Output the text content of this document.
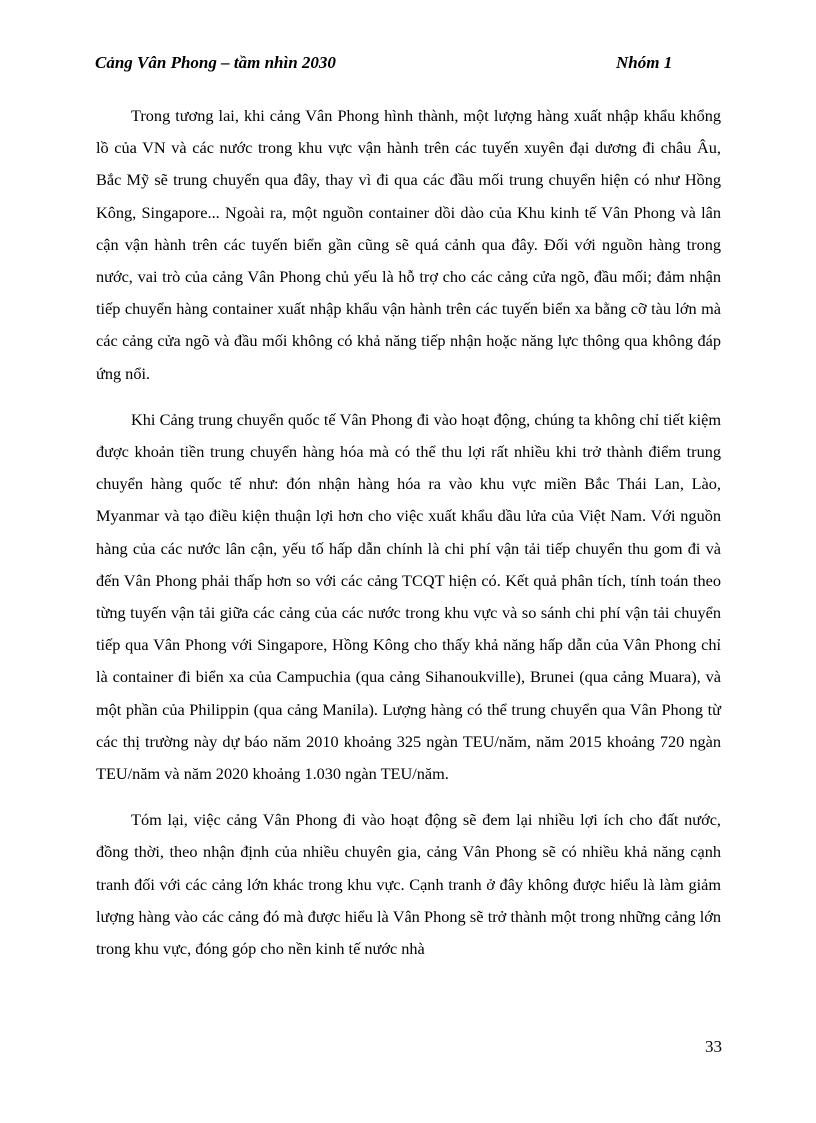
Cảng Vân Phong – tầm nhìn 2030	Nhóm 1

Trong tương lai, khi cảng Vân Phong hình thành, một lượng hàng xuất nhập khẩu khổng lồ của VN và các nước trong khu vực vận hành trên các tuyến xuyên đại dương đi châu Âu, Bắc Mỹ sẽ trung chuyển qua đây, thay vì đi qua các đầu mối trung chuyển hiện có như Hồng Kông, Singapore... Ngoài ra, một nguồn container dồi dào của Khu kinh tế Vân Phong và lân cận vận hành trên các tuyến biển gần cũng sẽ quá cảnh qua đây. Đối với nguồn hàng trong nước, vai trò của cảng Vân Phong chủ yếu là hỗ trợ cho các cảng cửa ngõ, đầu mối; đảm nhận tiếp chuyển hàng container xuất nhập khẩu vận hành trên các tuyến biển xa bằng cỡ tàu lớn mà các cảng cửa ngõ và đầu mối không có khả năng tiếp nhận hoặc năng lực thông qua không đáp ứng nổi.

Khi Cảng trung chuyển quốc tế Vân Phong đi vào hoạt động, chúng ta không chỉ tiết kiệm được khoản tiền trung chuyển hàng hóa mà có thể thu lợi rất nhiều khi trở thành điểm trung chuyển hàng quốc tế như: đón nhận hàng hóa ra vào khu vực miền Bắc Thái Lan, Lào, Myanmar và tạo điều kiện thuận lợi hơn cho việc xuất khẩu dầu lửa của Việt Nam. Với nguồn hàng của các nước lân cận, yếu tố hấp dẫn chính là chi phí vận tải tiếp chuyển thu gom đi và đến Vân Phong phải thấp hơn so với các cảng TCQT hiện có. Kết quả phân tích, tính toán theo từng tuyến vận tải giữa các cảng của các nước trong khu vực và so sánh chi phí vận tải chuyển tiếp qua Vân Phong với Singapore, Hồng Kông cho thấy khả năng hấp dẫn của Vân Phong chỉ là container đi biển xa của Campuchia (qua cảng Sihanoukville), Brunei (qua cảng Muara), và một phần của Philippin (qua cảng Manila). Lượng hàng có thể trung chuyển qua Vân Phong từ các thị trường này dự báo năm 2010 khoảng 325 ngàn TEU/năm, năm 2015 khoảng 720 ngàn TEU/năm và năm 2020 khoảng 1.030 ngàn TEU/năm.

Tóm lại, việc cảng Vân Phong đi vào hoạt động sẽ đem lại nhiều lợi ích cho đất nước, đồng thời, theo nhận định của nhiều chuyên gia, cảng Vân Phong sẽ có nhiều khả năng cạnh tranh đối với các cảng lớn khác trong khu vực. Cạnh tranh ở đây không được hiểu là làm giảm lượng hàng vào các cảng đó mà được hiểu là Vân Phong sẽ trở thành một trong những cảng lớn trong khu vực, đóng góp cho nền kinh tế nước nhà

33
